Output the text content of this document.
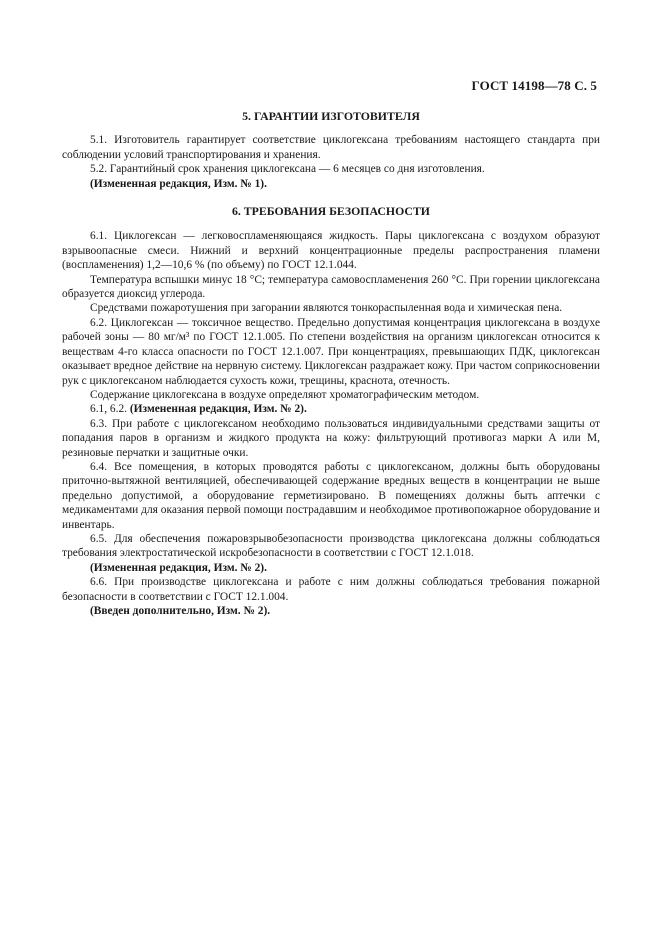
ГОСТ 14198—78 С. 5
5. ГАРАНТИИ ИЗГОТОВИТЕЛЯ

5.1. Изготовитель гарантирует соответствие циклогексана требованиям настоящего стандарта при соблюдении условий транспортирования и хранения.

5.2. Гарантийный срок хранения циклогексана — 6 месяцев со дня изготовления.

(Измененная редакция, Изм. № 1).

6. ТРЕБОВАНИЯ БЕЗОПАСНОСТИ

6.1. Циклогексан — легковоспламеняющаяся жидкость. Пары циклогексана с воздухом образуют взрывоопасные смеси. Нижний и верхний концентрационные пределы распространения пламени (воспламенения) 1,2—10,6 % (по объему) по ГОСТ 12.1.044.

Температура вспышки минус 18 °С; температура самовоспламенения 260 °С. При горении циклогексана образуется диоксид углерода.

Средствами пожаротушения при загорании являются тонкораспыленная вода и химическая пена.

6.2. Циклогексан — токсичное вещество. Предельно допустимая концентрация циклогексана в воздухе рабочей зоны — 80 мг/м³ по ГОСТ 12.1.005. По степени воздействия на организм циклогексан относится к веществам 4-го класса опасности по ГОСТ 12.1.007. При концентрациях, превышающих ПДК, циклогексан оказывает вредное действие на нервную систему. Циклогексан раздражает кожу. При частом соприкосновении рук с циклогексаном наблюдается сухость кожи, трещины, краснота, отечность.

Содержание циклогексана в воздухе определяют хроматографическим методом.

6.1, 6.2. (Измененная редакция, Изм. № 2).

6.3. При работе с циклогексаном необходимо пользоваться индивидуальными средствами защиты от попадания паров в организм и жидкого продукта на кожу: фильтрующий противогаз марки А или М, резиновые перчатки и защитные очки.

6.4. Все помещения, в которых проводятся работы с циклогексаном, должны быть оборудованы приточно-вытяжной вентиляцией, обеспечивающей содержание вредных веществ в концентрации не выше предельно допустимой, а оборудование герметизировано. В помещениях должны быть аптечки с медикаментами для оказания первой помощи пострадавшим и необходимое противопожарное оборудование и инвентарь.

6.5. Для обеспечения пожаровзрывобезопасности производства циклогексана должны соблюдаться требования электростатической искробезопасности в соответствии с ГОСТ 12.1.018.

(Измененная редакция, Изм. № 2).

6.6. При производстве циклогексана и работе с ним должны соблюдаться требования пожарной безопасности в соответствии с ГОСТ 12.1.004.

(Введен дополнительно, Изм. № 2).
